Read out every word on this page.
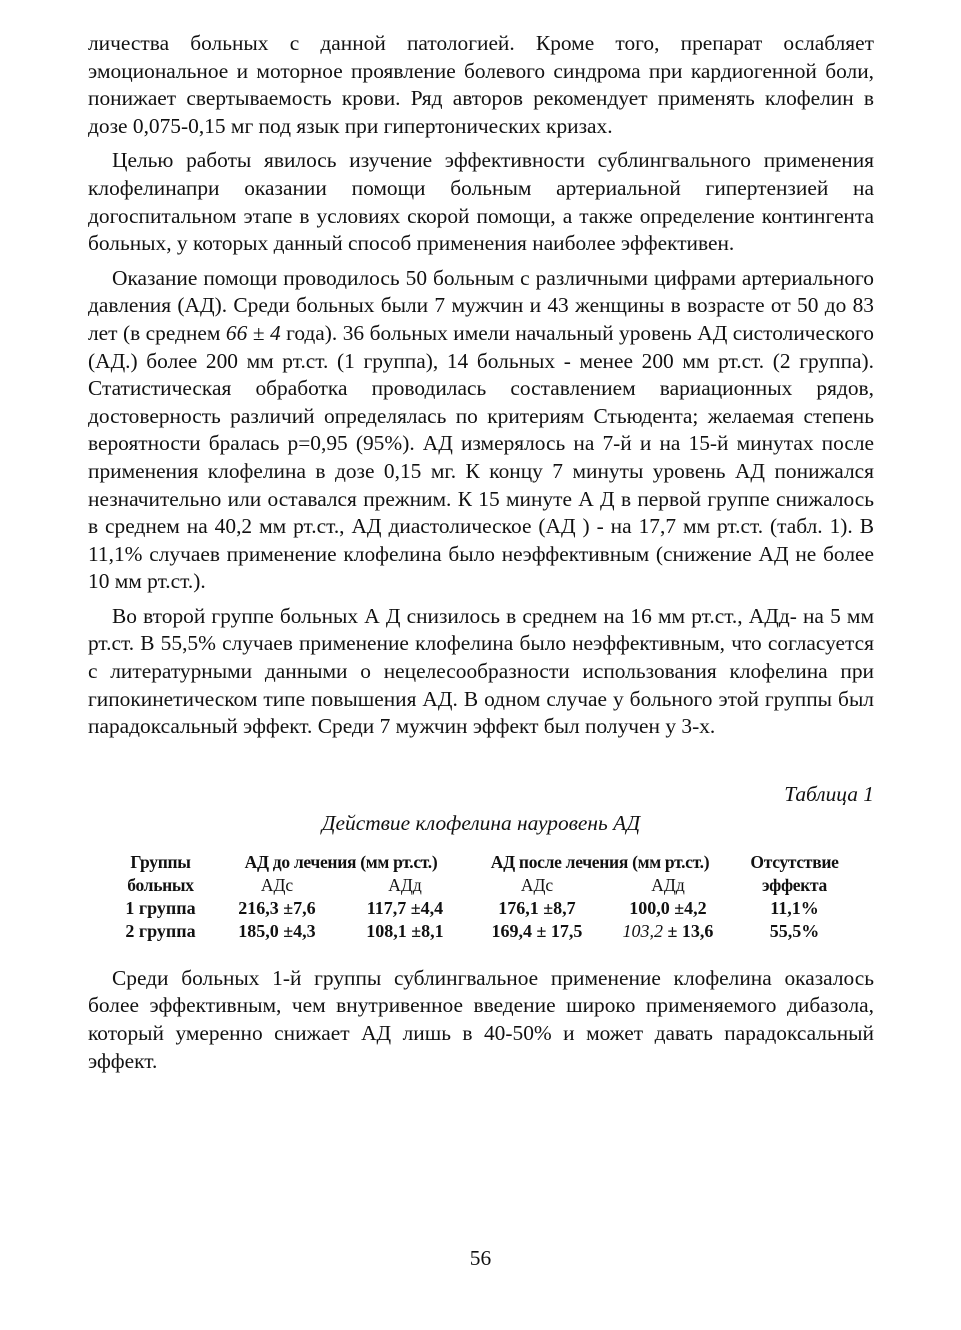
личества больных с данной патологией. Кроме того, препарат ослабляет эмоциональное и моторное проявление болевого синдрома при кардиогенной боли, понижает свертываемость крови. Ряд авторов рекомендует применять клофелин в дозе 0,075-0,15 мг под язык при гипертонических кризах.

Целью работы явилось изучение эффективности сублингвального применения клофелинапри оказании помощи больным артериальной гипертензией на догоспитальном этапе в условиях скорой помощи, а также определение контингента больных, у которых данный способ применения наиболее эффективен.

Оказание помощи проводилось 50 больным с различными цифрами артериального давления (АД). Среди больных были 7 мужчин и 43 женщины в возрасте от 50 до 83 лет (в среднем 66 ± 4 года). 36 больных имели начальный уровень АД систолического (АД.) более 200 мм рт.ст. (1 группа), 14 больных - менее 200 мм рт.ст. (2 группа). Статистическая обработка проводилась составлением вариационных рядов, достоверность различий определялась по критериям Стьюдента; желаемая степень вероятности бралась р=0,95 (95%). АД измерялось на 7-й и на 15-й минутах после применения клофелина в дозе 0,15 мг. К концу 7 минуты уровень АД понижался незначительно или оставался прежним. К 15 минуте А Д в первой группе снижалось в среднем на 40,2 мм рт.ст., АД диастолическое (АД ) - на 17,7 мм рт.ст. (табл. 1). В 11,1% случаев применение клофелина было неэффективным (снижение АД не более 10 мм рт.ст.).

Во второй группе больных А Д снизилось в среднем на 16 мм рт.ст., АДд- на 5 мм рт.ст. В 55,5% случаев применение клофелина было неэффективным, что согласуется с литературными данными о нецелесообразности использования клофелина при гипокинетическом типе повышения АД. В одном случае у больного этой группы был парадоксальный эффект. Среди 7 мужчин эффект был получен у 3-х.

Таблица 1
Действие клофелина науровень АД
Группы	АД до лечения (мм рт.ст.)		АД после лечения (мм рт.ст.)		Отсутствие
больных	АДс	АДд	АДс	АДд	эффекта
1 группа	216,3 ±7,6	117,7 ±4,4	176,1 ±8,7	100,0 ±4,2	11,1%
2 группа	185,0 ±4,3	108,1 ±8,1	169,4 ± 17,5	103,2 ± 13,6	55,5%

Среди больных 1-й группы сублингвальное применение клофелина оказалось более эффективным, чем внутривенное введение широко применяемого дибазола, который умеренно снижает АД лишь в 40-50% и может давать парадоксальный эффект.

56
